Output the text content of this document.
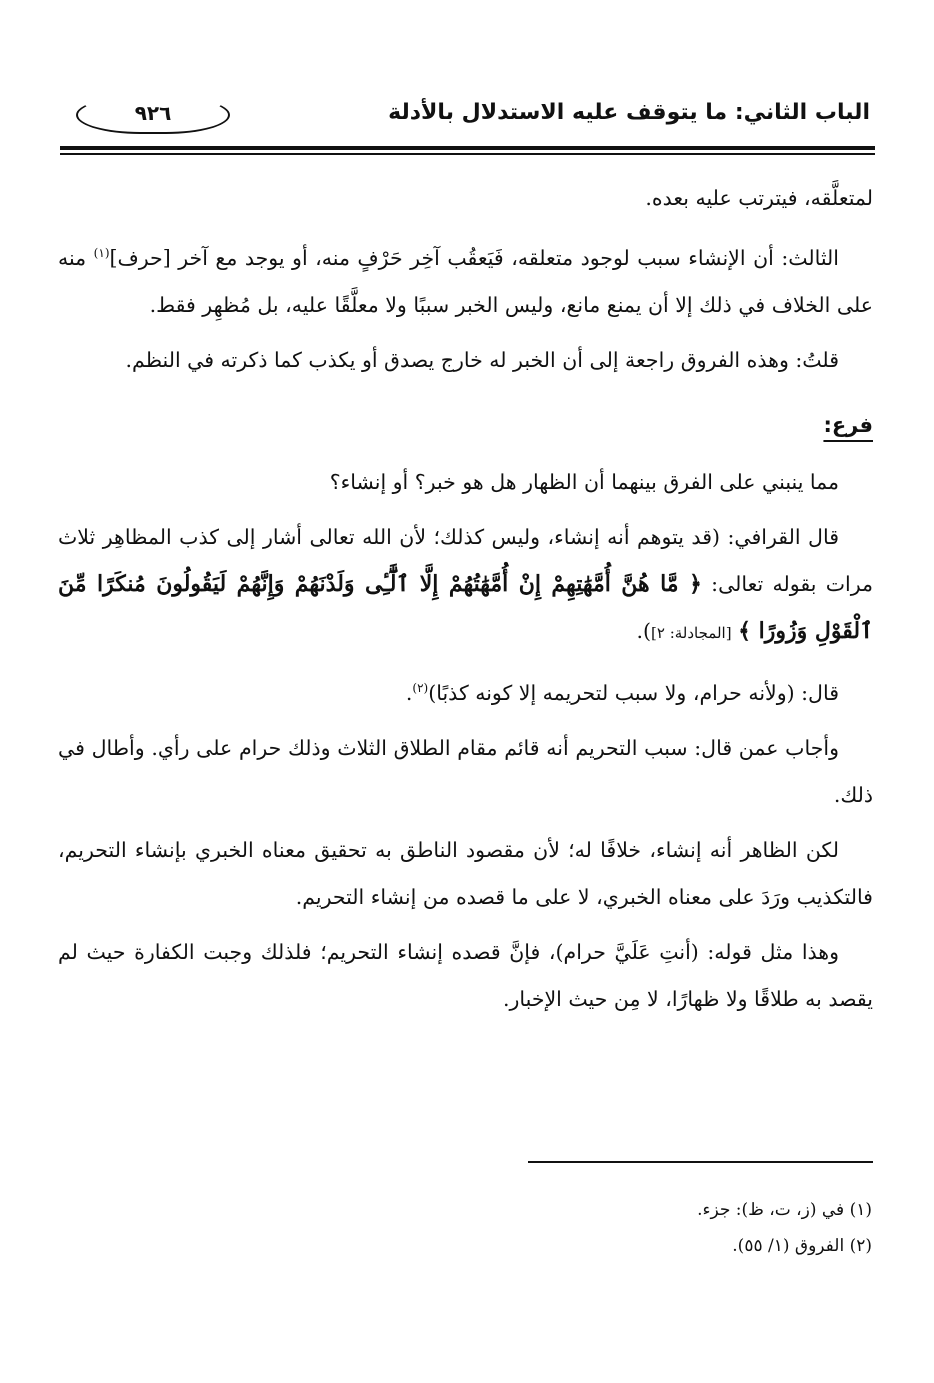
الباب الثاني: ما يتوقف عليه الاستدلال بالأدلة
٩٢٦

لمتعلَّقه، فيترتب عليه بعده.

الثالث: أن الإنشاء سبب لوجود متعلقه، فَيَعقُب آخِر حَرْفٍ منه، أو يوجد مع آخر [حرف]$^{(١)}$ منه على الخلاف في ذلك إلا أن يمنع مانع، وليس الخبر سببًا ولا معلَّقًا عليه، بل مُظهِر فقط.

قلتُ: وهذه الفروق راجعة إلى أن الخبر له خارج يصدق أو يكذب كما ذكرته في النظم.

فرع:

مما ينبني على الفرق بينهما أن الظهار هل هو خبر؟ أو إنشاء؟

قال القرافي: (قد يتوهم أنه إنشاء، وليس كذلك؛ لأن الله تعالى أشار إلى كذب المظاهِر ثلاث مرات بقوله تعالى: ﴿ مَّا هُنَّ أُمَّهَٰتِهِمْ إِنْ أُمَّهَٰتُهُمْ إِلَّا ٱلَّٰٓـِٔى وَلَدْنَهُمْ وَإِنَّهُمْ لَيَقُولُونَ مُنكَرًا مِّنَ ٱلْقَوْلِ وَزُورًا ﴾ [المجادلة: ٢]).

قال: (ولأنه حرام، ولا سبب لتحريمه إلا كونه كذبًا)$^{(٢)}$.

وأجاب عمن قال: سبب التحريم أنه قائم مقام الطلاق الثلاث وذلك حرام على رأي. وأطال في ذلك.

لكن الظاهر أنه إنشاء، خلافًا له؛ لأن مقصود الناطق به تحقيق معناه الخبري بإنشاء التحريم، فالتكذيب ورَدَ على معناه الخبري، لا على ما قصده من إنشاء التحريم.

وهذا مثل قوله: (أنتِ عَلَيَّ حرام)، فإنَّ قصده إنشاء التحريم؛ فلذلك وجبت الكفارة حيث لم يقصد به طلاقًا ولا ظهارًا، لا مِن حيث الإخبار.

(١) في (ز، ت، ظ): جزء.
(٢) الفروق (١/ ٥٥).
